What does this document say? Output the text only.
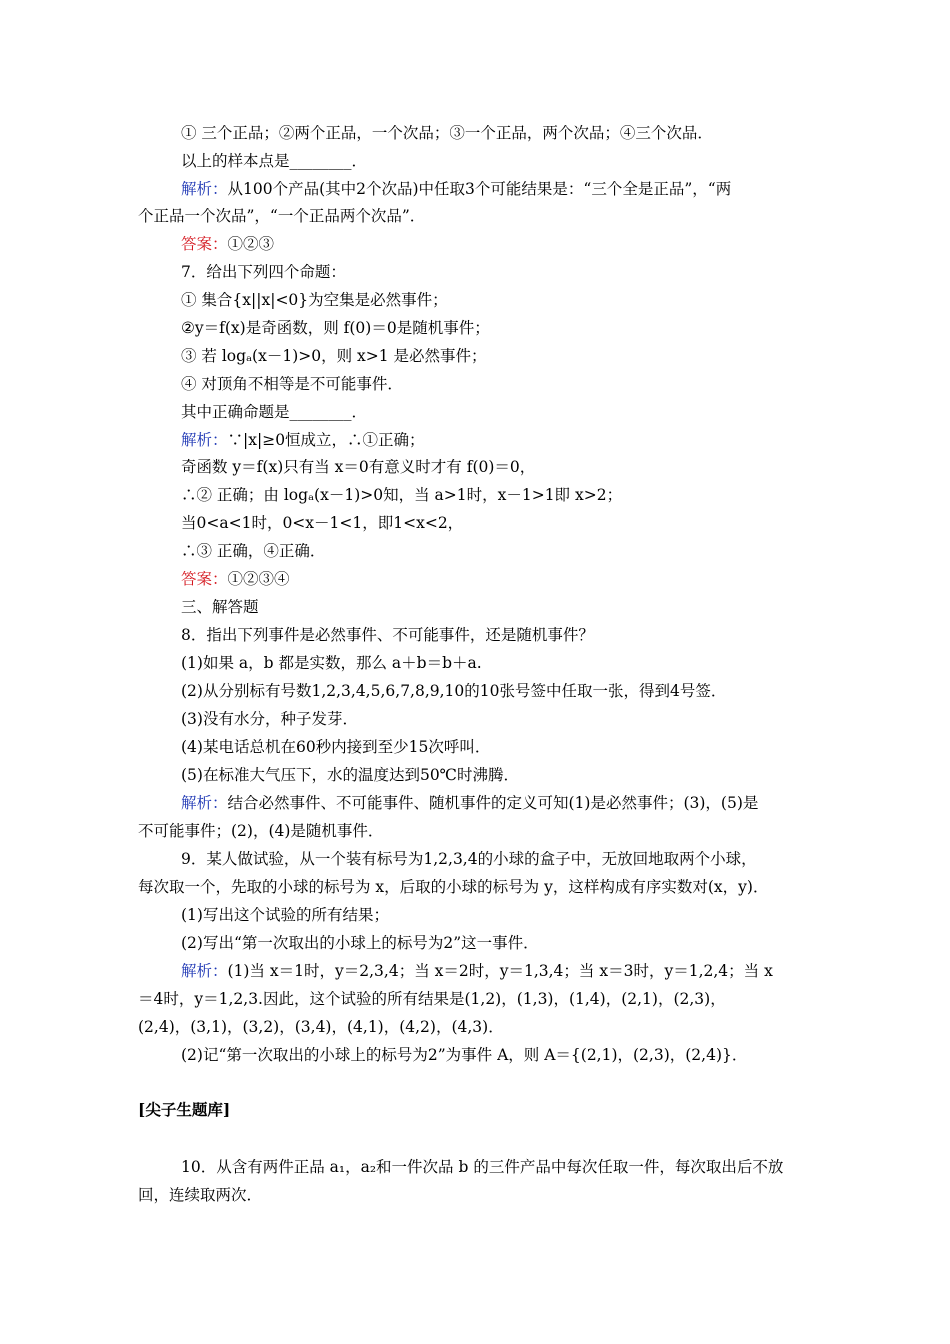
① 三个正品；②两个正品，一个次品；③一个正品，两个次品；④三个次品．
以上的样本点是________．
解析：从100个产品(其中2个次品)中任取3个可能结果是：“三个全是正品”，“两
个正品一个次品”，“一个正品两个次品”．
答案：①②③
7．给出下列四个命题：
① 集合{x||x|<0}为空集是必然事件；
②y＝f(x)是奇函数，则 f(0)＝0是随机事件；
③ 若 logₐ(x－1)>0，则 x>1 是必然事件；
④ 对顶角不相等是不可能事件．
其中正确命题是________．
解析：∵|x|≥0恒成立，∴①正确；
奇函数 y＝f(x)只有当 x＝0有意义时才有 f(0)＝0，
∴② 正确；由 logₐ(x－1)>0知，当 a>1时，x－1>1即 x>2；
当0<a<1时，0<x－1<1，即1<x<2，
∴③ 正确，④正确．
答案：①②③④
三、解答题
8．指出下列事件是必然事件、不可能事件，还是随机事件？
(1)如果 a，b 都是实数，那么 a＋b＝b＋a.
(2)从分别标有号数1,2,3,4,5,6,7,8,9,10的10张号签中任取一张，得到4号签．
(3)没有水分，种子发芽．
(4)某电话总机在60秒内接到至少15次呼叫．
(5)在标准大气压下，水的温度达到50℃时沸腾．
解析：结合必然事件、不可能事件、随机事件的定义可知(1)是必然事件；(3)，(5)是
不可能事件；(2)，(4)是随机事件．
9．某人做试验，从一个装有标号为1,2,3,4的小球的盒子中，无放回地取两个小球，
每次取一个，先取的小球的标号为 x，后取的小球的标号为 y，这样构成有序实数对(x，y)．
(1)写出这个试验的所有结果；
(2)写出“第一次取出的小球上的标号为2”这一事件．
解析：(1)当 x＝1时，y＝2,3,4；当 x＝2时，y＝1,3,4；当 x＝3时，y＝1,2,4；当 x
＝4时，y＝1,2,3.因此，这个试验的所有结果是(1,2)，(1,3)，(1,4)，(2,1)，(2,3)，
(2,4)，(3,1)，(3,2)，(3,4)，(4,1)，(4,2)，(4,3)．
(2)记“第一次取出的小球上的标号为2”为事件 A，则 A＝{(2,1)，(2,3)，(2,4)}．
[尖子生题库]
10．从含有两件正品 a₁，a₂和一件次品 b 的三件产品中每次任取一件，每次取出后不放
回，连续取两次．
